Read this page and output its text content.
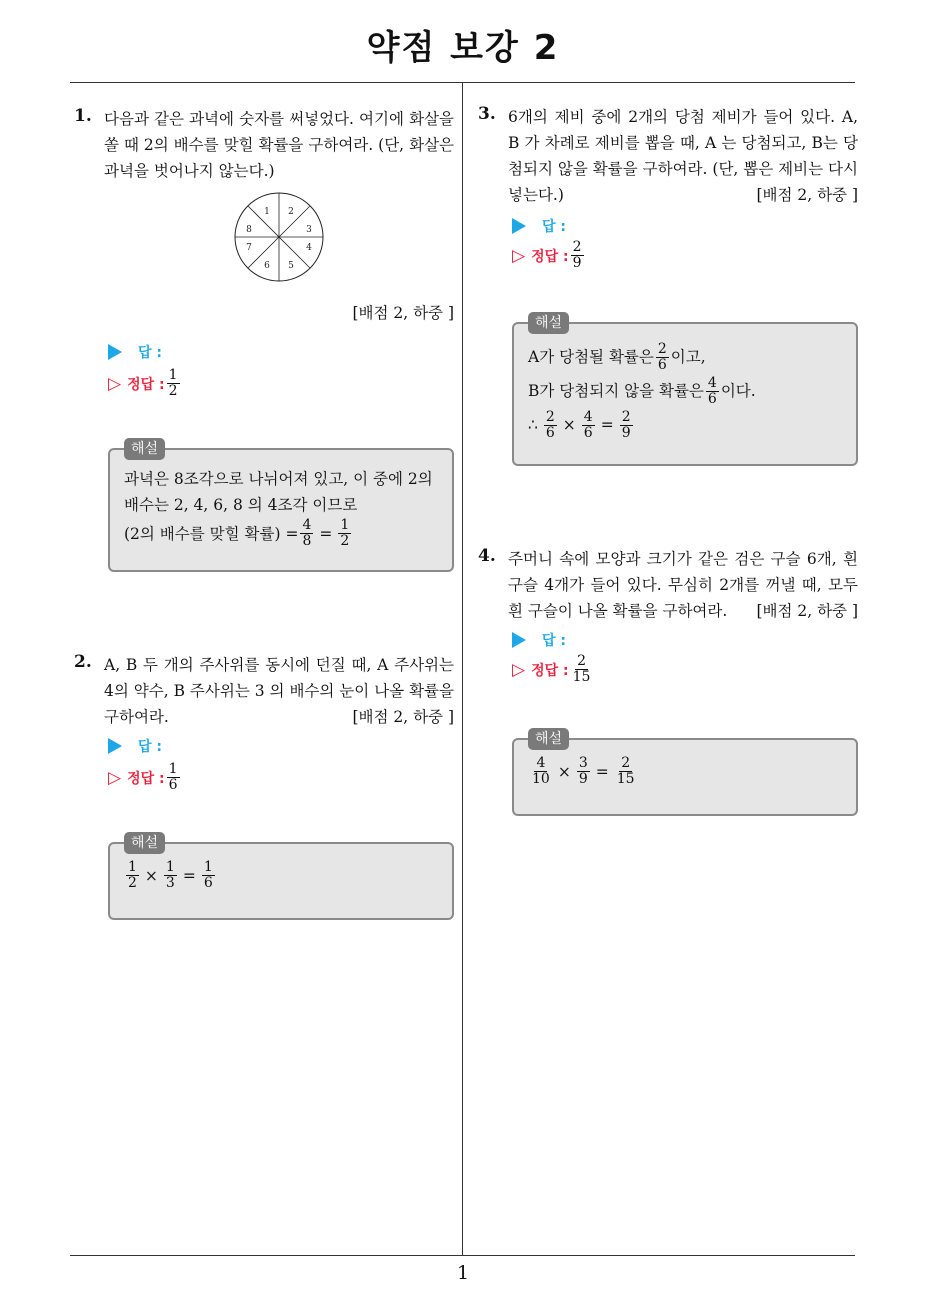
약점 보강 2
1
1. 다음과 같은 과녁에 숫자를 써넣었다. 여기에 화살을 쏠 때 2의 배수를 맞힐 확률을 구하여라. (단, 화살은 과녁을 벗어나지 않는다.)

1 2
3
4
5
6
7
8
[배점 2, 하중 ]
답 :
▷ 정답 : $\frac{1}{2}$
해설
과녁은 8조각으로 나뉘어져 있고, 이 중에 2의 배수는 2, 4, 6, 8 의 4조각 이므로
(2의 배수를 맞힐 확률) = $\frac{4}{8} = \frac{1}{2}$
2. A, B 두 개의 주사위를 동시에 던질 때, A 주사위는 4의 약수, B 주사위는 3 의 배수의 눈이 나올 확률을 구하여라.	[배점 2, 하중 ]

답 :
▷ 정답 : $\frac{1}{6}$
해설
$\frac{1}{2} \times \frac{1}{3} = \frac{1}{6}$
3. 6개의 제비 중에 2개의 당첨 제비가 들어 있다. A, B 가 차례로 제비를 뽑을 때, A 는 당첨되고, B는 당첨되지 않을 확률을 구하여라. (단, 뽑은 제비는 다시 넣는다.)	[배점 2, 하중 ]
답 :
▷ 정답 : $\frac{2}{9}$
해설
A가 당첨될 확률은 $\frac{2}{6}$ 이고,
B가 당첨되지 않을 확률은 $\frac{4}{6}$ 이다.
∴ $\frac{2}{6} \times \frac{4}{6} = \frac{2}{9}$
4. 주머니 속에 모양과 크기가 같은 검은 구슬 6개, 흰 구슬 4개가 들어 있다. 무심히 2개를 꺼낼 때, 모두 흰 구슬이 나올 확률을 구하여라. [배점 2, 하중 ]

답 :
▷ 정답 : $\frac{2}{15}$
해설
$\frac{4}{10} \times \frac{3}{9} = \frac{2}{15}$
